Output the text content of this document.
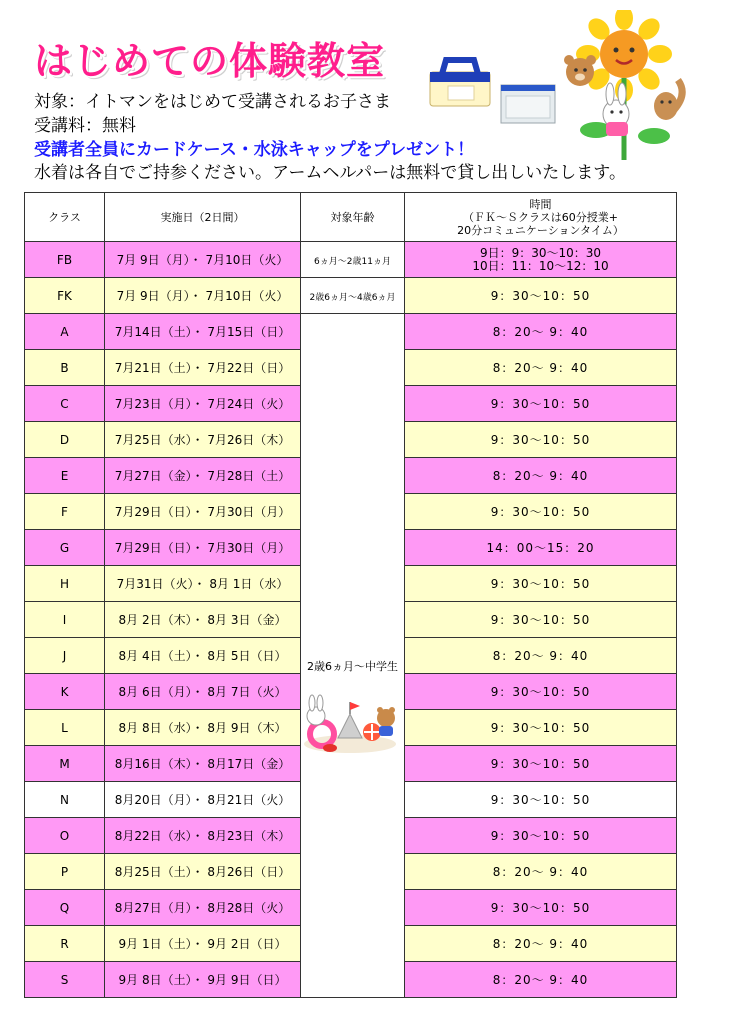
はじめての体験教室
対象：イトマンをはじめて受講されるお子さま
受講料：無料
受講者全員にカードケース・水泳キャップをプレゼント！
水着は各自でご持参ください。アームヘルパーは無料で貸し出しいたします。
クラス	実施日（2日間）	対象年齢	時間
（ＦＫ～Ｓクラスは60分授業+
20分コミュニケーションタイム）

FB	7月 9日（月）・ 7月10日（火）	6ヵ月～2歳11ヵ月	9日：9：30～10：30
10日：11：10～12：10

FK	7月 9日（月）・ 7月10日（火）	2歳6ヵ月～4歳6ヵ月	9：30～10：50
A	7月14日（土）・ 7月15日（日）	2歳6ヵ月～中学生	8：20～ 9：40
B	7月21日（土）・ 7月22日（日）		8：20～ 9：40
C	7月23日（月）・ 7月24日（火）		9：30～10：50
D	7月25日（水）・ 7月26日（木）		9：30～10：50
E	7月27日（金）・ 7月28日（土）		8：20～ 9：40
F	7月29日（日）・ 7月30日（月）		9：30～10：50
G	7月29日（日）・ 7月30日（月）		14：00～15：20
H	7月31日（火）・ 8月 1日（水）		9：30～10：50
I	8月 2日（木）・ 8月 3日（金）		9：30～10：50
J	8月 4日（土）・ 8月 5日（日）		8：20～ 9：40
K	8月 6日（月）・ 8月 7日（火）		9：30～10：50
L	8月 8日（水）・ 8月 9日（木）		9：30～10：50
M	8月16日（木）・ 8月17日（金）		9：30～10：50
N	8月20日（月）・ 8月21日（火）		9：30～10：50
O	8月22日（水）・ 8月23日（木）		9：30～10：50
P	8月25日（土）・ 8月26日（日）		8：20～ 9：40
Q	8月27日（月）・ 8月28日（火）		9：30～10：50
R	9月 1日（土）・ 9月 2日（日）		8：20～ 9：40
S	9月 8日（土）・ 9月 9日（日）		8：20～ 9：40
